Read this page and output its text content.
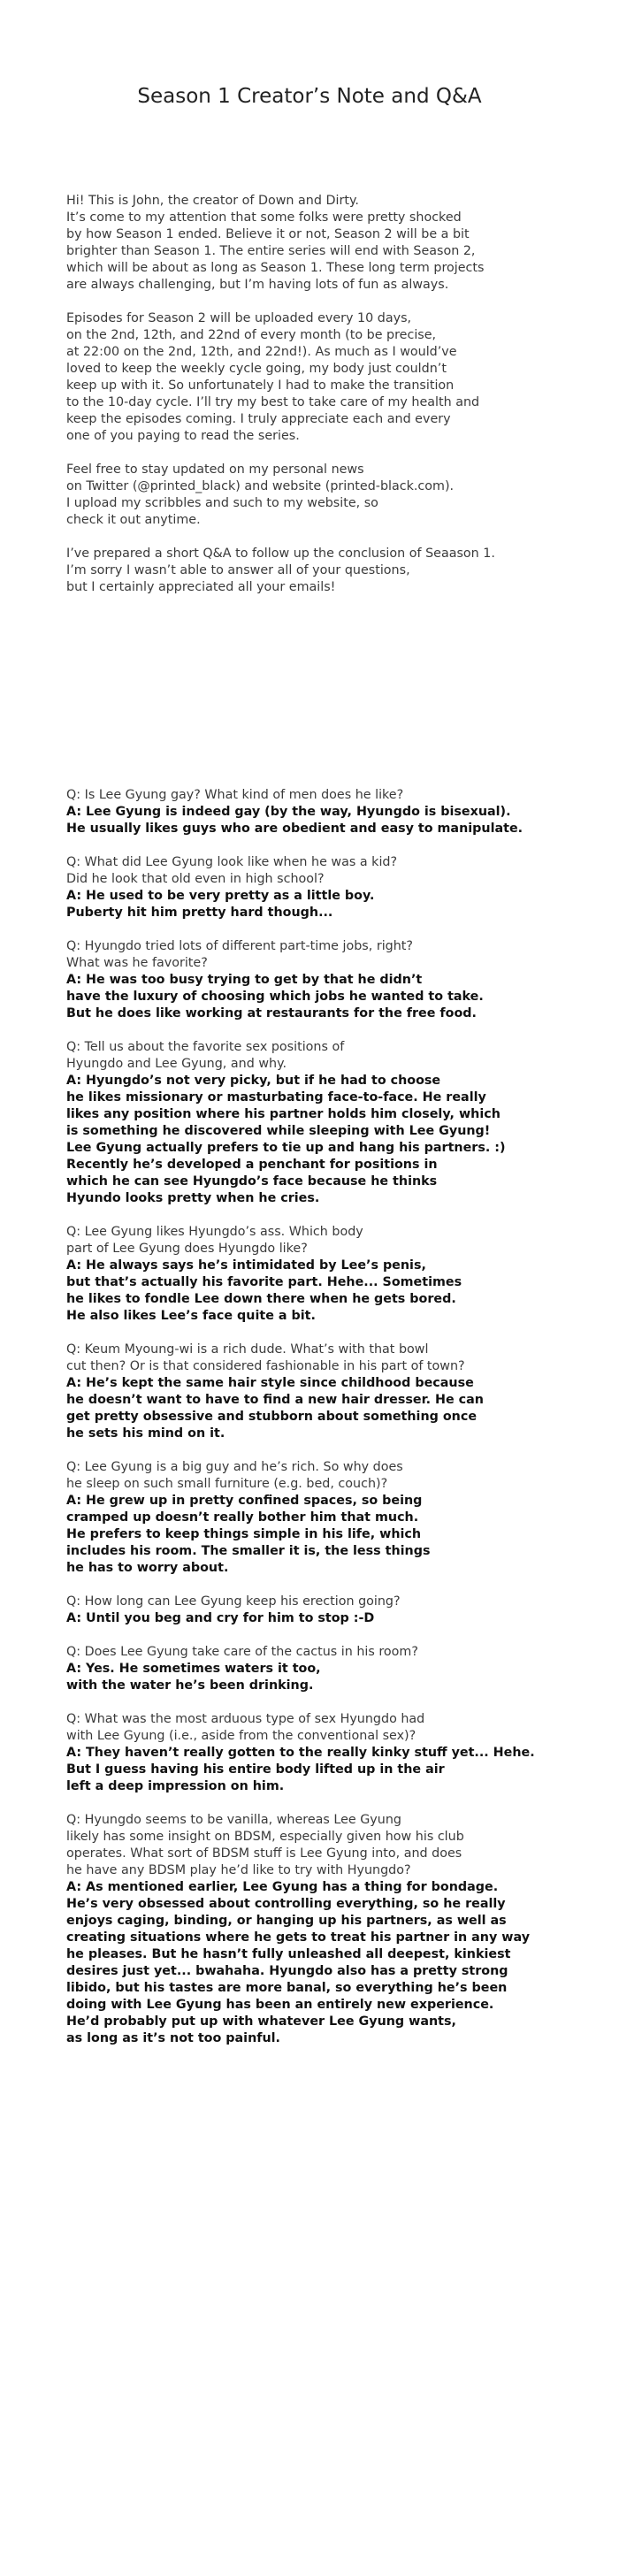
Season 1 Creator’s Note and Q&A

Hi! This is John, the creator of Down and Dirty.
It’s come to my attention that some folks were pretty shocked
by how Season 1 ended. Believe it or not, Season 2 will be a bit
brighter than Season 1. The entire series will end with Season 2,
which will be about as long as Season 1. These long term projects
are always challenging, but I’m having lots of fun as always.

Episodes for Season 2 will be uploaded every 10 days,
on the 2nd, 12th, and 22nd of every month (to be precise,
at 22:00 on the 2nd, 12th, and 22nd!). As much as I would’ve
loved to keep the weekly cycle going, my body just couldn’t
keep up with it. So unfortunately I had to make the transition
to the 10-day cycle. I’ll try my best to take care of my health and
keep the episodes coming. I truly appreciate each and every
one of you paying to read the series.

Feel free to stay updated on my personal news
on Twitter (@printed_black) and website (printed-black.com).
I upload my scribbles and such to my website, so
check it out anytime.

I’ve prepared a short Q&A to follow up the conclusion of Seaason 1.
I’m sorry I wasn’t able to answer all of your questions,
but I certainly appreciated all your emails!

Q: Is Lee Gyung gay? What kind of men does he like?
A: Lee Gyung is indeed gay (by the way, Hyungdo is bisexual).
He usually likes guys who are obedient and easy to manipulate.
Q: What did Lee Gyung look like when he was a kid?
Did he look that old even in high school?
A: He used to be very pretty as a little boy.
Puberty hit him pretty hard though...
Q: Hyungdo tried lots of different part-time jobs, right?
What was he favorite?
A: He was too busy trying to get by that he didn’t
have the luxury of choosing which jobs he wanted to take.
But he does like working at restaurants for the free food.
Q: Tell us about the favorite sex positions of
Hyungdo and Lee Gyung, and why.
A: Hyungdo’s not very picky, but if he had to choose
he likes missionary or masturbating face-to-face. He really
likes any position where his partner holds him closely, which
is something he discovered while sleeping with Lee Gyung!
Lee Gyung actually prefers to tie up and hang his partners. :)
Recently he’s developed a penchant for positions in
which he can see Hyungdo’s face because he thinks
Hyundo looks pretty when he cries.
Q: Lee Gyung likes Hyungdo’s ass. Which body
part of Lee Gyung does Hyungdo like?
A: He always says he’s intimidated by Lee’s penis,
but that’s actually his favorite part. Hehe... Sometimes
he likes to fondle Lee down there when he gets bored.
He also likes Lee’s face quite a bit.
Q: Keum Myoung-wi is a rich dude. What’s with that bowl
cut then? Or is that considered fashionable in his part of town?
A: He’s kept the same hair style since childhood because
he doesn’t want to have to find a new hair dresser. He can
get pretty obsessive and stubborn about something once
he sets his mind on it.
Q: Lee Gyung is a big guy and he’s rich. So why does
he sleep on such small furniture (e.g. bed, couch)?
A: He grew up in pretty confined spaces, so being
cramped up doesn’t really bother him that much.
He prefers to keep things simple in his life, which
includes his room. The smaller it is, the less things
he has to worry about.
Q: How long can Lee Gyung keep his erection going?
A: Until you beg and cry for him to stop :-D
Q: Does Lee Gyung take care of the cactus in his room?
A: Yes. He sometimes waters it too,
with the water he’s been drinking.
Q: What was the most arduous type of sex Hyungdo had
with Lee Gyung (i.e., aside from the conventional sex)?
A: They haven’t really gotten to the really kinky stuff yet... Hehe.
But I guess having his entire body lifted up in the air
left a deep impression on him.
Q: Hyungdo seems to be vanilla, whereas Lee Gyung
likely has some insight on BDSM, especially given how his club
operates. What sort of BDSM stuff is Lee Gyung into, and does
he have any BDSM play he’d like to try with Hyungdo?
A: As mentioned earlier, Lee Gyung has a thing for bondage.
He’s very obsessed about controlling everything, so he really
enjoys caging, binding, or hanging up his partners, as well as
creating situations where he gets to treat his partner in any way
he pleases. But he hasn’t fully unleashed all deepest, kinkiest
desires just yet... bwahaha. Hyungdo also has a pretty strong
libido, but his tastes are more banal, so everything he’s been
doing with Lee Gyung has been an entirely new experience.
He’d probably put up with whatever Lee Gyung wants,
as long as it’s not too painful.
